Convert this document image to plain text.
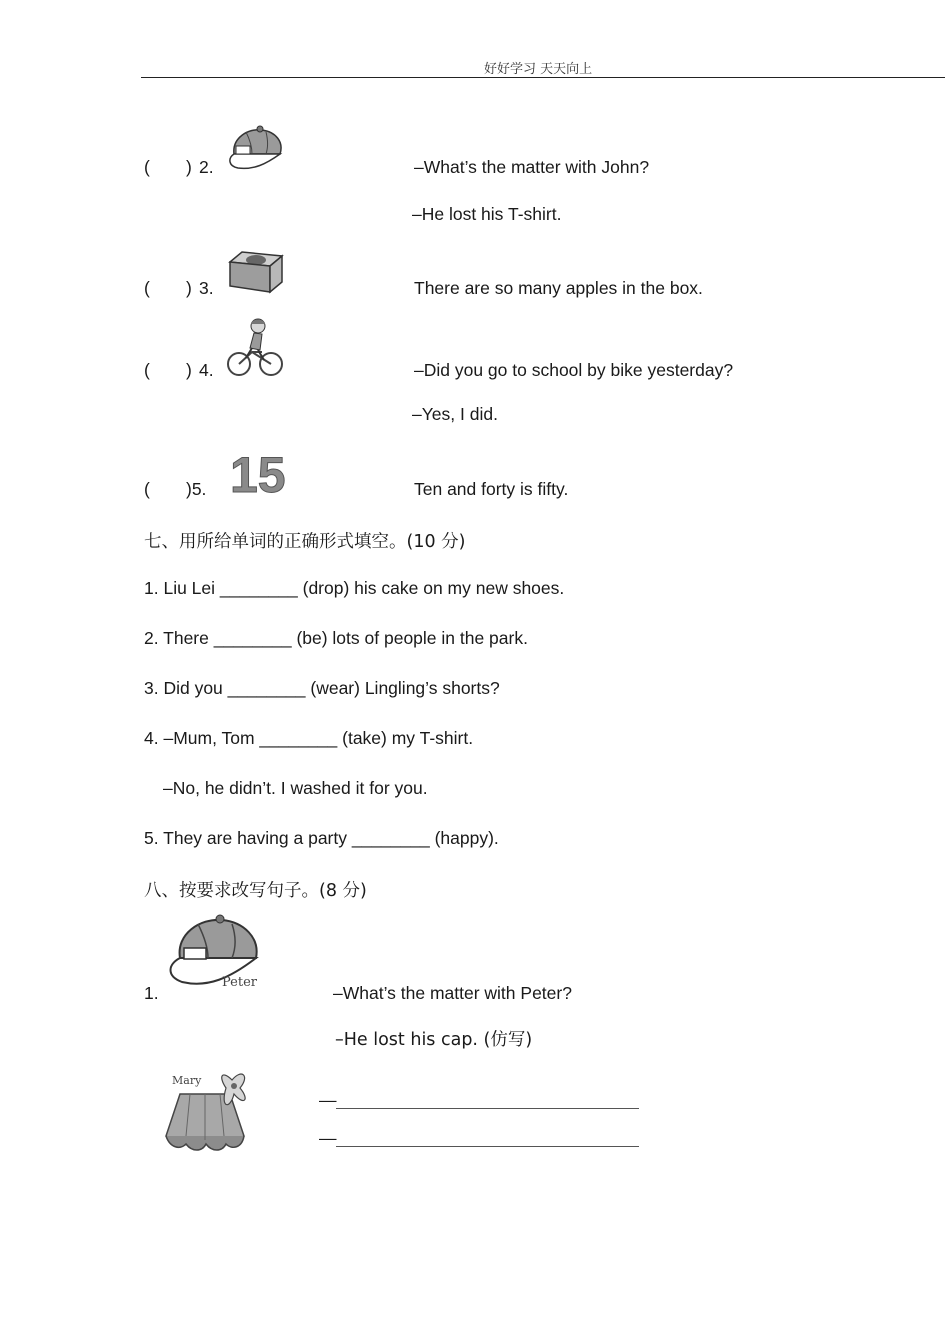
好好学习 天天向上
( ) 2.	–What’s the matter with John?
–He lost his T-shirt.
( ) 3.	There are so many apples in the box.
( ) 4.	–Did you go to school by bike yesterday?
–Yes, I did.
( )5. 15	Ten and forty is fifty.
七、用所给单词的正确形式填空。(10 分)
1. Liu Lei ________ (drop) his cake on my new shoes.
2. There ________ (be) lots of people in the park.
3. Did you ________ (wear) Lingling’s shorts?
4. –Mum, Tom ________ (take) my T-shirt.
–No, he didn’t. I washed it for you.
5. They are having a party ________ (happy).
八、按要求改写句子。(8 分)
Peter
1.	–What’s the matter with Peter?
–He lost his cap. (仿写)
Mary
—
—
